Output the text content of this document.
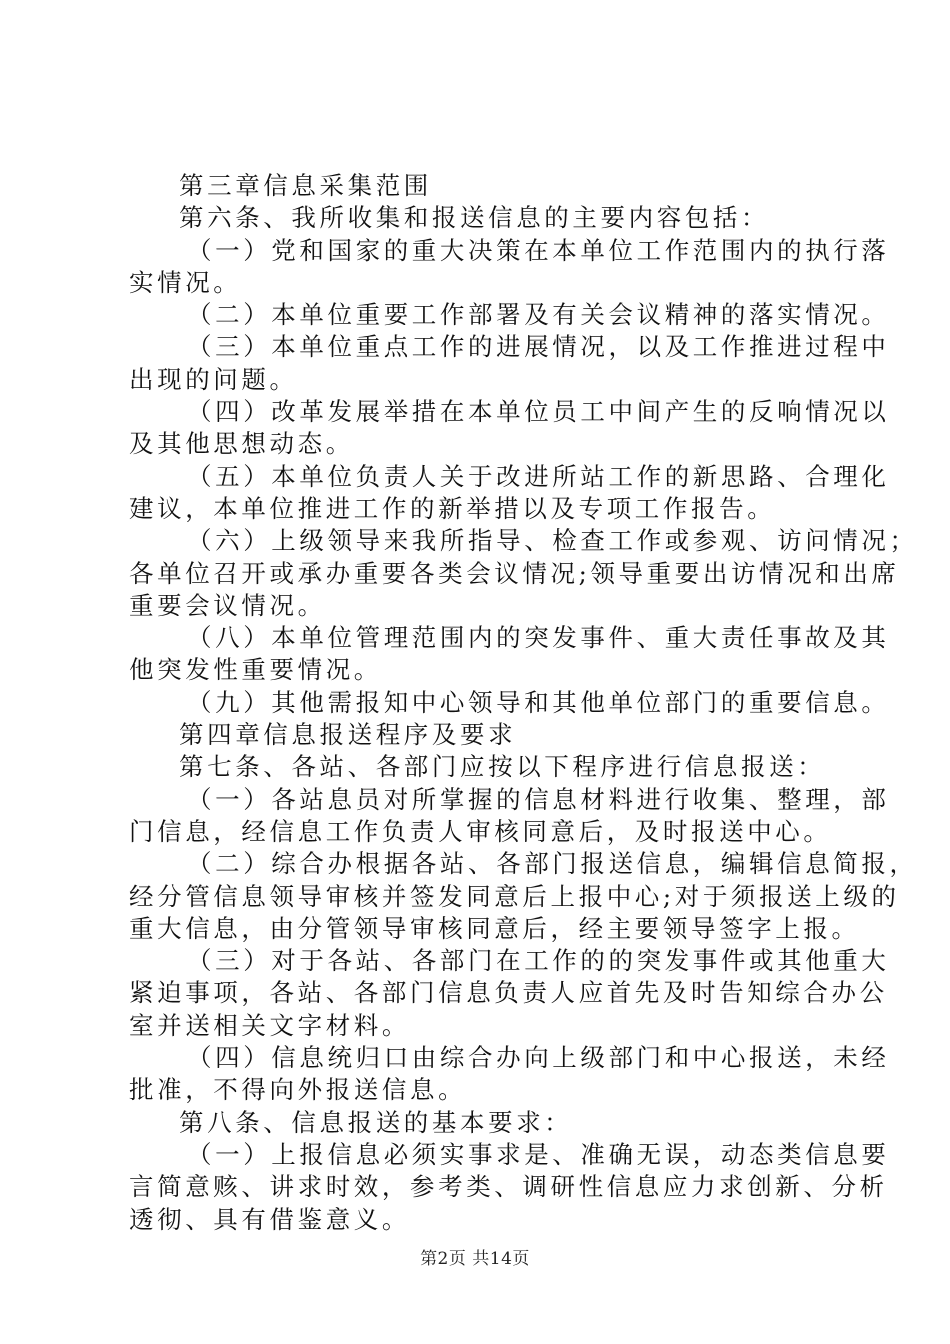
第三章信息采集范围
第六条、我所收集和报送信息的主要内容包括：
（一）党和国家的重大决策在本单位工作范围内的执行落
实情况。
（二）本单位重要工作部署及有关会议精神的落实情况。
（三）本单位重点工作的进展情况，以及工作推进过程中
出现的问题。
（四）改革发展举措在本单位员工中间产生的反响情况以
及其他思想动态。
（五）本单位负责人关于改进所站工作的新思路、合理化
建议，本单位推进工作的新举措以及专项工作报告。
（六）上级领导来我所指导、检查工作或参观、访问情况；
各单位召开或承办重要各类会议情况;领导重要出访情况和出席
重要会议情况。
（八）本单位管理范围内的突发事件、重大责任事故及其
他突发性重要情况。
（九）其他需报知中心领导和其他单位部门的重要信息。
第四章信息报送程序及要求
第七条、各站、各部门应按以下程序进行信息报送：
（一）各站息员对所掌握的信息材料进行收集、整理，部
门信息，经信息工作负责人审核同意后，及时报送中心。
（二）综合办根据各站、各部门报送信息，编辑信息简报，
经分管信息领导审核并签发同意后上报中心;对于须报送上级的
重大信息，由分管领导审核同意后，经主要领导签字上报。
（三）对于各站、各部门在工作的的突发事件或其他重大
紧迫事项，各站、各部门信息负责人应首先及时告知综合办公
室并送相关文字材料。
（四）信息统归口由综合办向上级部门和中心报送，未经
批准，不得向外报送信息。
第八条、信息报送的基本要求：
（一）上报信息必须实事求是、准确无误，动态类信息要
言简意赅、讲求时效，参考类、调研性信息应力求创新、分析
透彻、具有借鉴意义。
第2页 共14页
